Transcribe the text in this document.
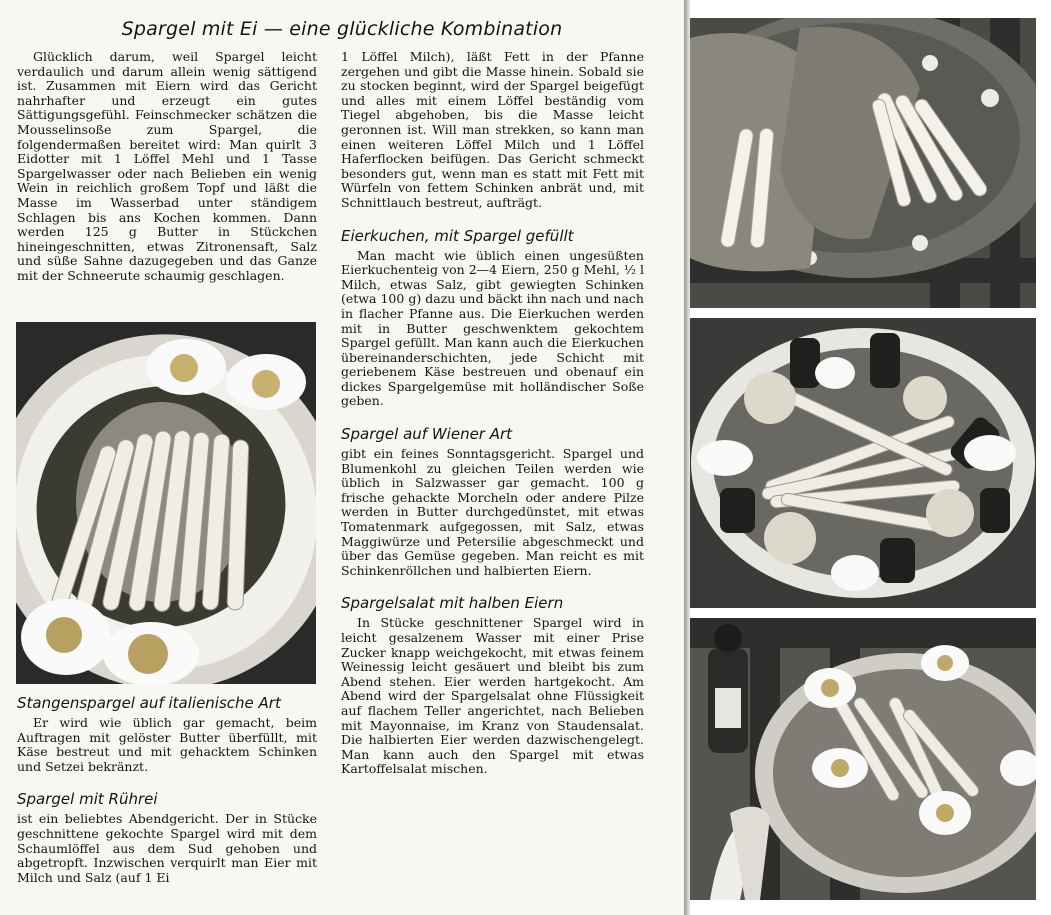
Spargel mit Ei — eine glückliche Kombination

Glücklich darum, weil Spargel leicht verdaulich und darum allein wenig sättigend ist. Zusammen mit Eiern wird das Gericht nahrhafter und erzeugt ein gutes Sättigungsgefühl. Feinschmecker schätzen die Mousselinsoße zum Spargel, die folgendermaßen bereitet wird: Man quirlt 3 Eidotter mit 1 Löffel Mehl und 1 Tasse Spargelwasser oder nach Belieben ein wenig Wein in reichlich großem Topf und läßt die Masse im Wasserbad unter ständigem Schlagen bis ans Kochen kommen. Dann werden 125 g Butter in Stückchen hineingeschnitten, etwas Zitronensaft, Salz und süße Sahne dazugegeben und das Ganze mit der Schneerute schaumig geschlagen.

Stangenspargel auf italienische Art

Er wird wie üblich gar gemacht, beim Auftragen mit gelöster Butter überfüllt, mit Käse bestreut und mit gehacktem Schinken und Setzei bekränzt.

Spargel mit Rührei

ist ein beliebtes Abendgericht. Der in Stücke geschnittene gekochte Spargel wird mit dem Schaumlöffel aus dem Sud gehoben und abgetropft. Inzwischen verquirlt man Eier mit Milch und Salz (auf 1 Ei

1 Löffel Milch), läßt Fett in der Pfanne zergehen und gibt die Masse hinein. Sobald sie zu stocken beginnt, wird der Spargel beigefügt und alles mit einem Löffel beständig vom Tiegel abgehoben, bis die Masse leicht geronnen ist. Will man strekken, so kann man einen weiteren Löffel Milch und 1 Löffel Haferflocken beifügen. Das Gericht schmeckt besonders gut, wenn man es statt mit Fett mit Würfeln von fettem Schinken anbrät und, mit Schnittlauch bestreut, aufträgt.

Eierkuchen, mit Spargel gefüllt

Man macht wie üblich einen ungesüßten Eierkuchenteig von 2—4 Eiern, 250 g Mehl, ½ l Milch, etwas Salz, gibt gewiegten Schinken (etwa 100 g) dazu und bäckt ihn nach und nach in flacher Pfanne aus. Die Eierkuchen werden mit in Butter geschwenktem gekochtem Spargel gefüllt. Man kann auch die Eierkuchen übereinanderschichten, jede Schicht mit geriebenem Käse bestreuen und obenauf ein dickes Spargelgemüse mit holländischer Soße geben.

Spargel auf Wiener Art

gibt ein feines Sonntagsgericht. Spargel und Blumenkohl zu gleichen Teilen werden wie üblich in Salzwasser gar gemacht. 100 g frische gehackte Morcheln oder andere Pilze werden in Butter durchgedünstet, mit etwas Tomatenmark aufgegossen, mit Salz, etwas Maggiwürze und Petersilie abgeschmeckt und über das Gemüse gegeben. Man reicht es mit Schinkenröllchen und halbierten Eiern.

Spargelsalat mit halben Eiern

In Stücke geschnittener Spargel wird in leicht gesalzenem Wasser mit einer Prise Zucker knapp weichgekocht, mit etwas feinem Weinessig leicht gesäuert und bleibt bis zum Abend stehen. Eier werden hartgekocht. Am Abend wird der Spargelsalat ohne Flüssigkeit auf flachem Teller angerichtet, nach Belieben mit Mayonnaise, im Kranz von Staudensalat. Die halbierten Eier werden dazwischengelegt. Man kann auch den Spargel mit etwas Kartoffelsalat mischen.
